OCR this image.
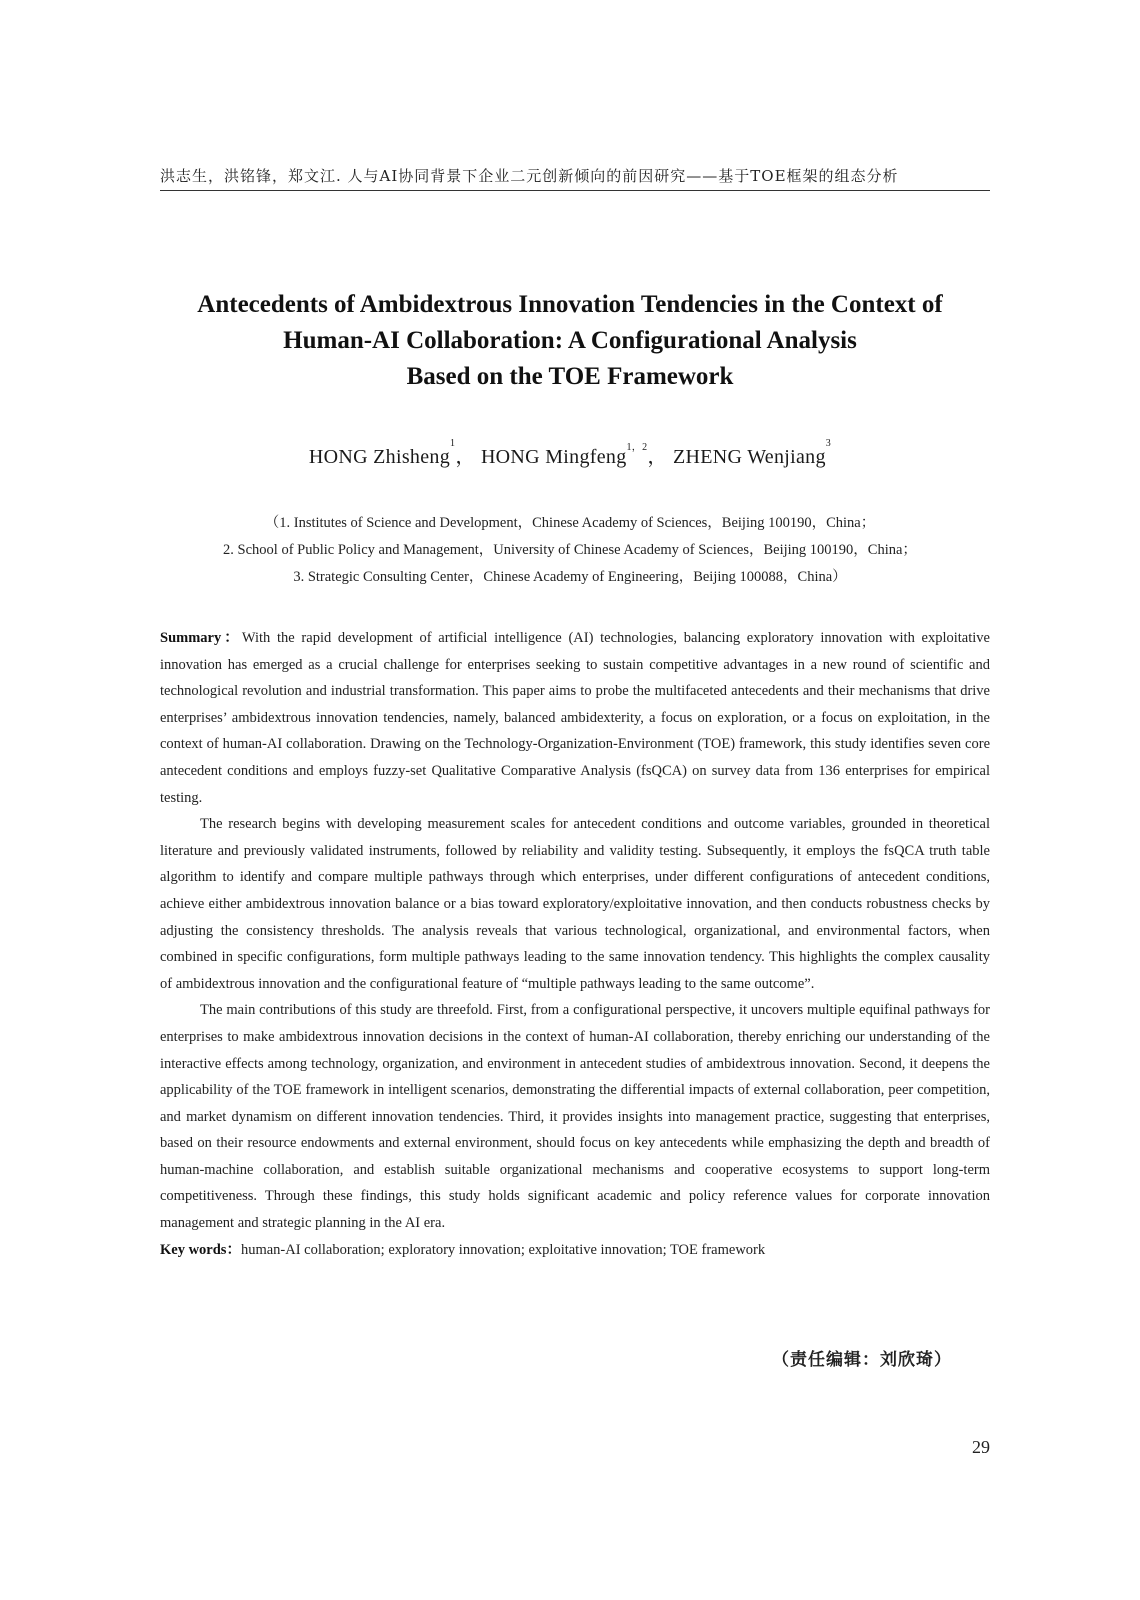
洪志生，洪铭锋，郑文江. 人与AI协同背景下企业二元创新倾向的前因研究——基于TOE框架的组态分析
Antecedents of Ambidextrous Innovation Tendencies in the Context of
Human-AI Collaboration: A Configurational Analysis
Based on the TOE Framework
HONG Zhisheng$^1$， HONG Mingfeng$^{1,2}$， ZHENG Wenjiang$^3$
（1. Institutes of Science and Development，Chinese Academy of Sciences，Beijing 100190，China；
2. School of Public Policy and Management，University of Chinese Academy of Sciences，Beijing 100190，China；
3. Strategic Consulting Center，Chinese Academy of Engineering，Beijing 100088，China）

Summary：With the rapid development of artificial intelligence (AI) technologies, balancing exploratory innovation with exploitative innovation has emerged as a crucial challenge for enterprises seeking to sustain competitive advantages in a new round of scientific and technological revolution and industrial transformation. This paper aims to probe the multifaceted antecedents and their mechanisms that drive enterprises’ ambidextrous innovation tendencies, namely, balanced ambidexterity, a focus on exploration, or a focus on exploitation, in the context of human-AI collaboration. Drawing on the Technology-Organization-Environment (TOE) framework, this study identifies seven core antecedent conditions and employs fuzzy-set Qualitative Comparative Analysis (fsQCA) on survey data from 136 enterprises for empirical testing.

The research begins with developing measurement scales for antecedent conditions and outcome variables, grounded in theoretical literature and previously validated instruments, followed by reliability and validity testing. Subsequently, it employs the fsQCA truth table algorithm to identify and compare multiple pathways through which enterprises, under different configurations of antecedent conditions, achieve either ambidextrous innovation balance or a bias toward exploratory/exploitative innovation, and then conducts robustness checks by adjusting the consistency thresholds. The analysis reveals that various technological, organizational, and environmental factors, when combined in specific configurations, form multiple pathways leading to the same innovation tendency. This highlights the complex causality of ambidextrous innovation and the configurational feature of “multiple pathways leading to the same outcome”.

The main contributions of this study are threefold. First, from a configurational perspective, it uncovers multiple equifinal pathways for enterprises to make ambidextrous innovation decisions in the context of human-AI collaboration, thereby enriching our understanding of the interactive effects among technology, organization, and environment in antecedent studies of ambidextrous innovation. Second, it deepens the applicability of the TOE framework in intelligent scenarios, demonstrating the differential impacts of external collaboration, peer competition, and market dynamism on different innovation tendencies. Third, it provides insights into management practice, suggesting that enterprises, based on their resource endowments and external environment, should focus on key antecedents while emphasizing the depth and breadth of human-machine collaboration, and establish suitable organizational mechanisms and cooperative ecosystems to support long-term competitiveness. Through these findings, this study holds significant academic and policy reference values for corporate innovation management and strategic planning in the AI era.

Key words：human-AI collaboration; exploratory innovation; exploitative innovation; TOE framework

（责任编辑：刘欣琦）
29
